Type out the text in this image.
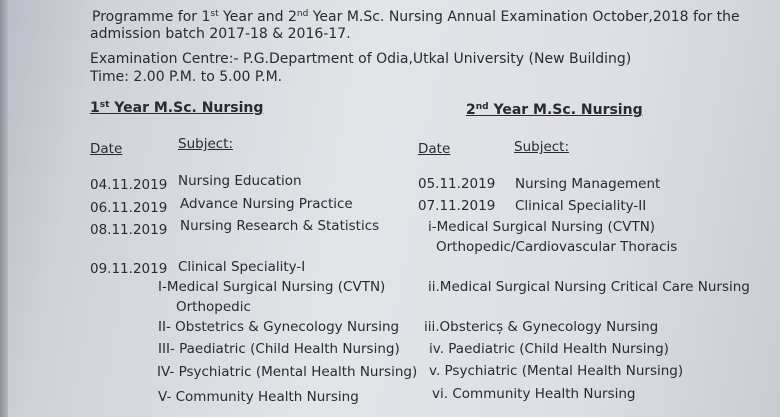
Programme for 1st Year and 2nd Year M.Sc. Nursing Annual Examination October,2018 for the
admission batch 2017-18 & 2016-17.
Examination Centre:- P.G.Department of Odia,Utkal University (New Building)
Time: 2.00 P.M. to 5.00 P.M.
1st Year M.Sc. Nursing
Date	Subject:
04.11.2019 Nursing Education
06.11.2019 Advance Nursing Practice
08.11.2019 Nursing Research & Statistics
09.11.2019 Clinical Speciality-I
I-Medical Surgical Nursing (CVTN)
Orthopedic
II- Obstetrics & Gynecology Nursing
III- Paediatric (Child Health Nursing)
IV- Psychiatric (Mental Health Nursing)
V- Community Health Nursing
2nd Year M.Sc. Nursing
Date	Subject:
05.11.2019 Nursing Management
07.11.2019 Clinical Speciality-II
i-Medical Surgical Nursing (CVTN)
Orthopedic/Cardiovascular Thoracis
ii.Medical Surgical Nursing Critical Care Nursing
iii.Obstericș & Gynecology Nursing
iv. Paediatric (Child Health Nursing)
v. Psychiatric (Mental Health Nursing)
vi. Community Health Nursing
